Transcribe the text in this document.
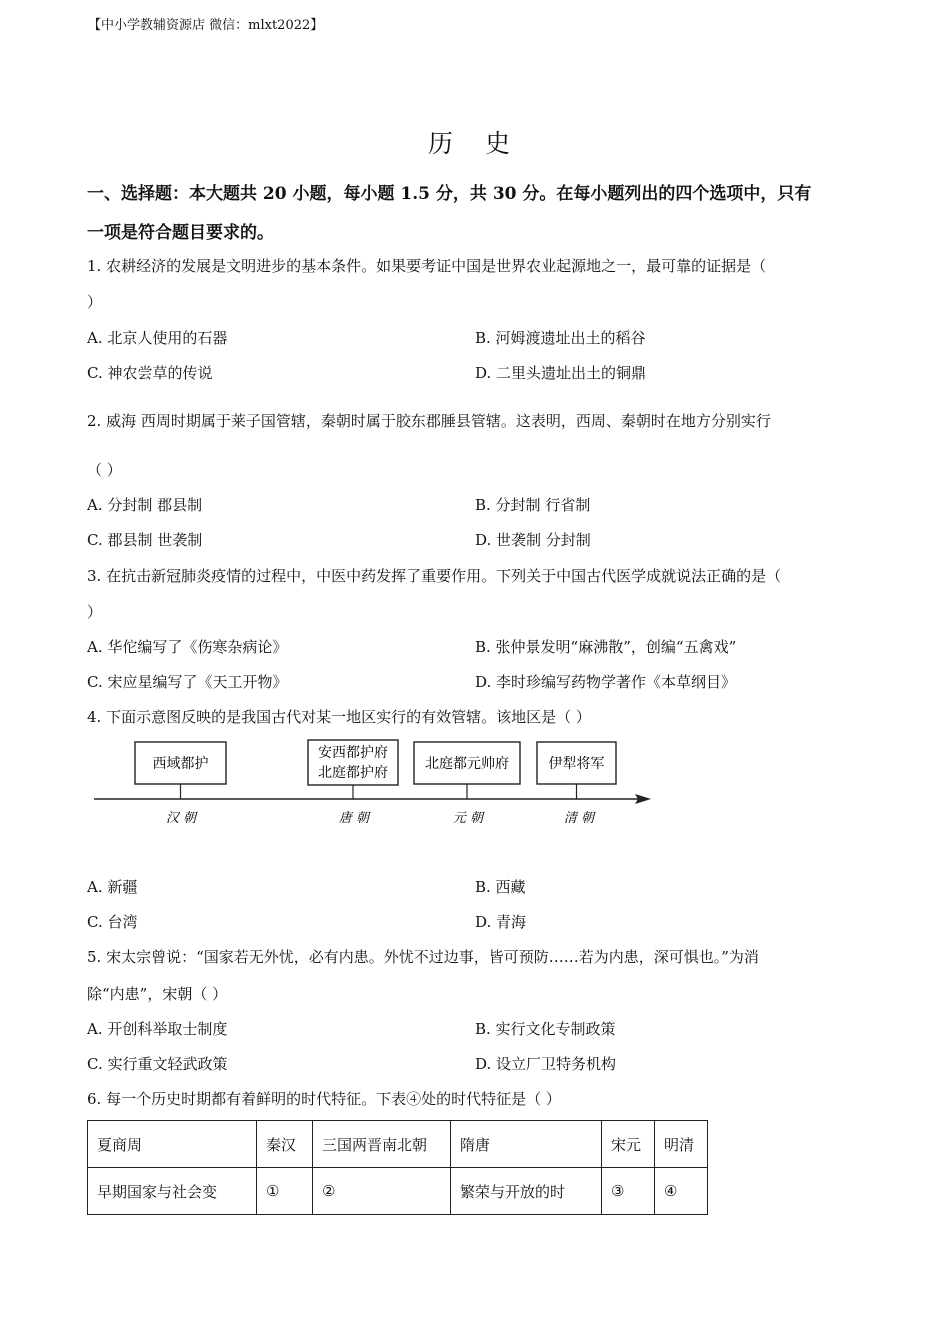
【中小学教辅资源店 微信：mlxt2022】
历 史
一、选择题：本大题共 20 小题，每小题 1.5 分，共 30 分。在每小题列出的四个选项中，只有
一项是符合题目要求的。
1. 农耕经济的发展是文明进步的基本条件。如果要考证中国是世界农业起源地之一，最可靠的证据是（
）
A. 北京人使用的石器	B. 河姆渡遗址出土的稻谷
C. 神农尝草的传说	D. 二里头遗址出土的铜鼎
2. 威海 西周时期属于莱子国管辖，秦朝时属于胶东郡腄县管辖。这表明，西周、秦朝时在地方分别实行
（ ）
A. 分封制 郡县制	B. 分封制 行省制
C. 郡县制 世袭制	D. 世袭制 分封制
3. 在抗击新冠肺炎疫情的过程中，中医中药发挥了重要作用。下列关于中国古代医学成就说法正确的是（
）
A. 华佗编写了《伤寒杂病论》	B. 张仲景发明“麻沸散”，创编“五禽戏”
C. 宋应星编写了《天工开物》	D. 李时珍编写药物学著作《本草纲目》
4. 下面示意图反映的是我国古代对某一地区实行的有效管辖。该地区是（ ）
西域都护
安西都护府
北庭都护府
北庭都元帅府	伊犁将军
汉 朝	唐 朝	元 朝	清 朝
A. 新疆	B. 西藏
C. 台湾	D. 青海
5. 宋太宗曾说：“国家若无外忧，必有内患。外忧不过边事，皆可预防……若为内患，深可惧也。”为消
除“内患”，宋朝（ ）
A. 开创科举取士制度	B. 实行文化专制政策
C. 实行重文轻武政策	D. 设立厂卫特务机构
6. 每一个历史时期都有着鲜明的时代特征。下表④处的时代特征是（ ）
夏商周	秦汉	三国两晋南北朝	隋唐	宋元	明清
早期国家与社会变	①	②	繁荣与开放的时	③	④
